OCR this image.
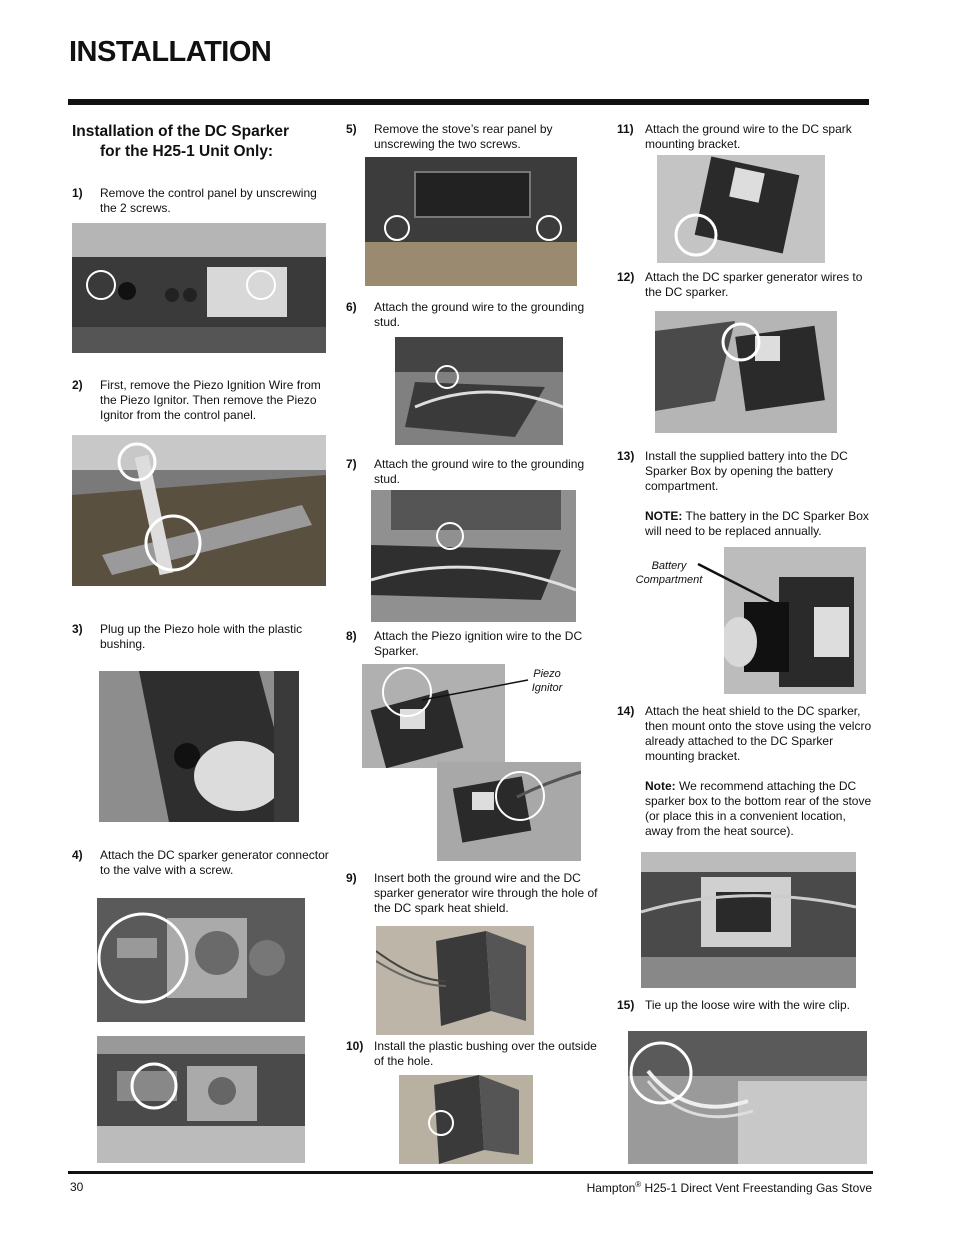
INSTALLATION
Installation of the DC Sparker
for the H25-1 Unit Only:
1)	Remove the control panel by unscrewing the 2 screws.
2)	First, remove the Piezo Ignition Wire from the Piezo Ignitor. Then remove the Piezo Ignitor from the control panel.
3)	Plug up the Piezo hole with the plastic bushing.
4)	Attach the DC sparker generator connector to the valve with a screw.
5)	Remove the stove’s rear panel by unscrewing the two screws.
6)	Attach the ground wire to the grounding stud.
7)	Attach the ground wire to the grounding stud.
8)	Attach the Piezo ignition wire to the DC Sparker.
Piezo
Ignitor
9)	Insert both the ground wire and the DC sparker generator wire through the hole of the DC spark heat shield.
10) Install the plastic bushing over the outside of the hole.
11) Attach the ground wire to the DC spark mounting bracket.
12) Attach the DC sparker generator wires to the DC sparker.
13) Install the supplied battery into the DC Sparker Box by opening the battery compartment.
NOTE: The battery in the DC Sparker Box will need to be replaced annually.
Battery
Compartment
14) Attach the heat shield to the DC sparker, then mount onto the stove using the velcro already attached to the DC Sparker mounting bracket.
Note: We recommend attaching the DC sparker box to the bottom rear of the stove (or place this in a convenient location, away from the heat source).
15) Tie up the loose wire with the wire clip.
30	Hampton® H25-1 Direct Vent Freestanding Gas Stove
